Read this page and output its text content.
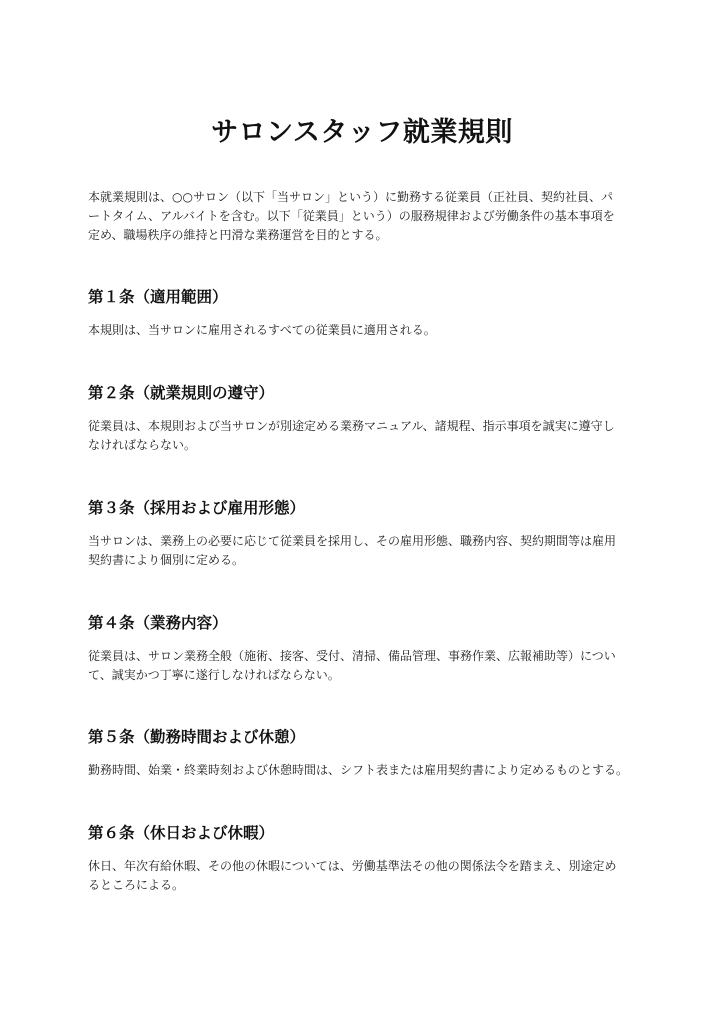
サロンスタッフ就業規則

本就業規則は、○○サロン（以下「当サロン」という）に勤務する従業員（正社員、契約社員、パ
ートタイム、アルバイトを含む。以下「従業員」という）の服務規律および労働条件の基本事項を
定め、職場秩序の維持と円滑な業務運営を目的とする。

第１条（適用範囲）

本規則は、当サロンに雇用されるすべての従業員に適用される。

第２条（就業規則の遵守）

従業員は、本規則および当サロンが別途定める業務マニュアル、諸規程、指示事項を誠実に遵守し
なければならない。

第３条（採用および雇用形態）

当サロンは、業務上の必要に応じて従業員を採用し、その雇用形態、職務内容、契約期間等は雇用
契約書により個別に定める。

第４条（業務内容）

従業員は、サロン業務全般（施術、接客、受付、清掃、備品管理、事務作業、広報補助等）につい
て、誠実かつ丁寧に遂行しなければならない。

第５条（勤務時間および休憩）

勤務時間、始業・終業時刻および休憩時間は、シフト表または雇用契約書により定めるものとする。

第６条（休日および休暇）

休日、年次有給休暇、その他の休暇については、労働基準法その他の関係法令を踏まえ、別途定め
るところによる。
